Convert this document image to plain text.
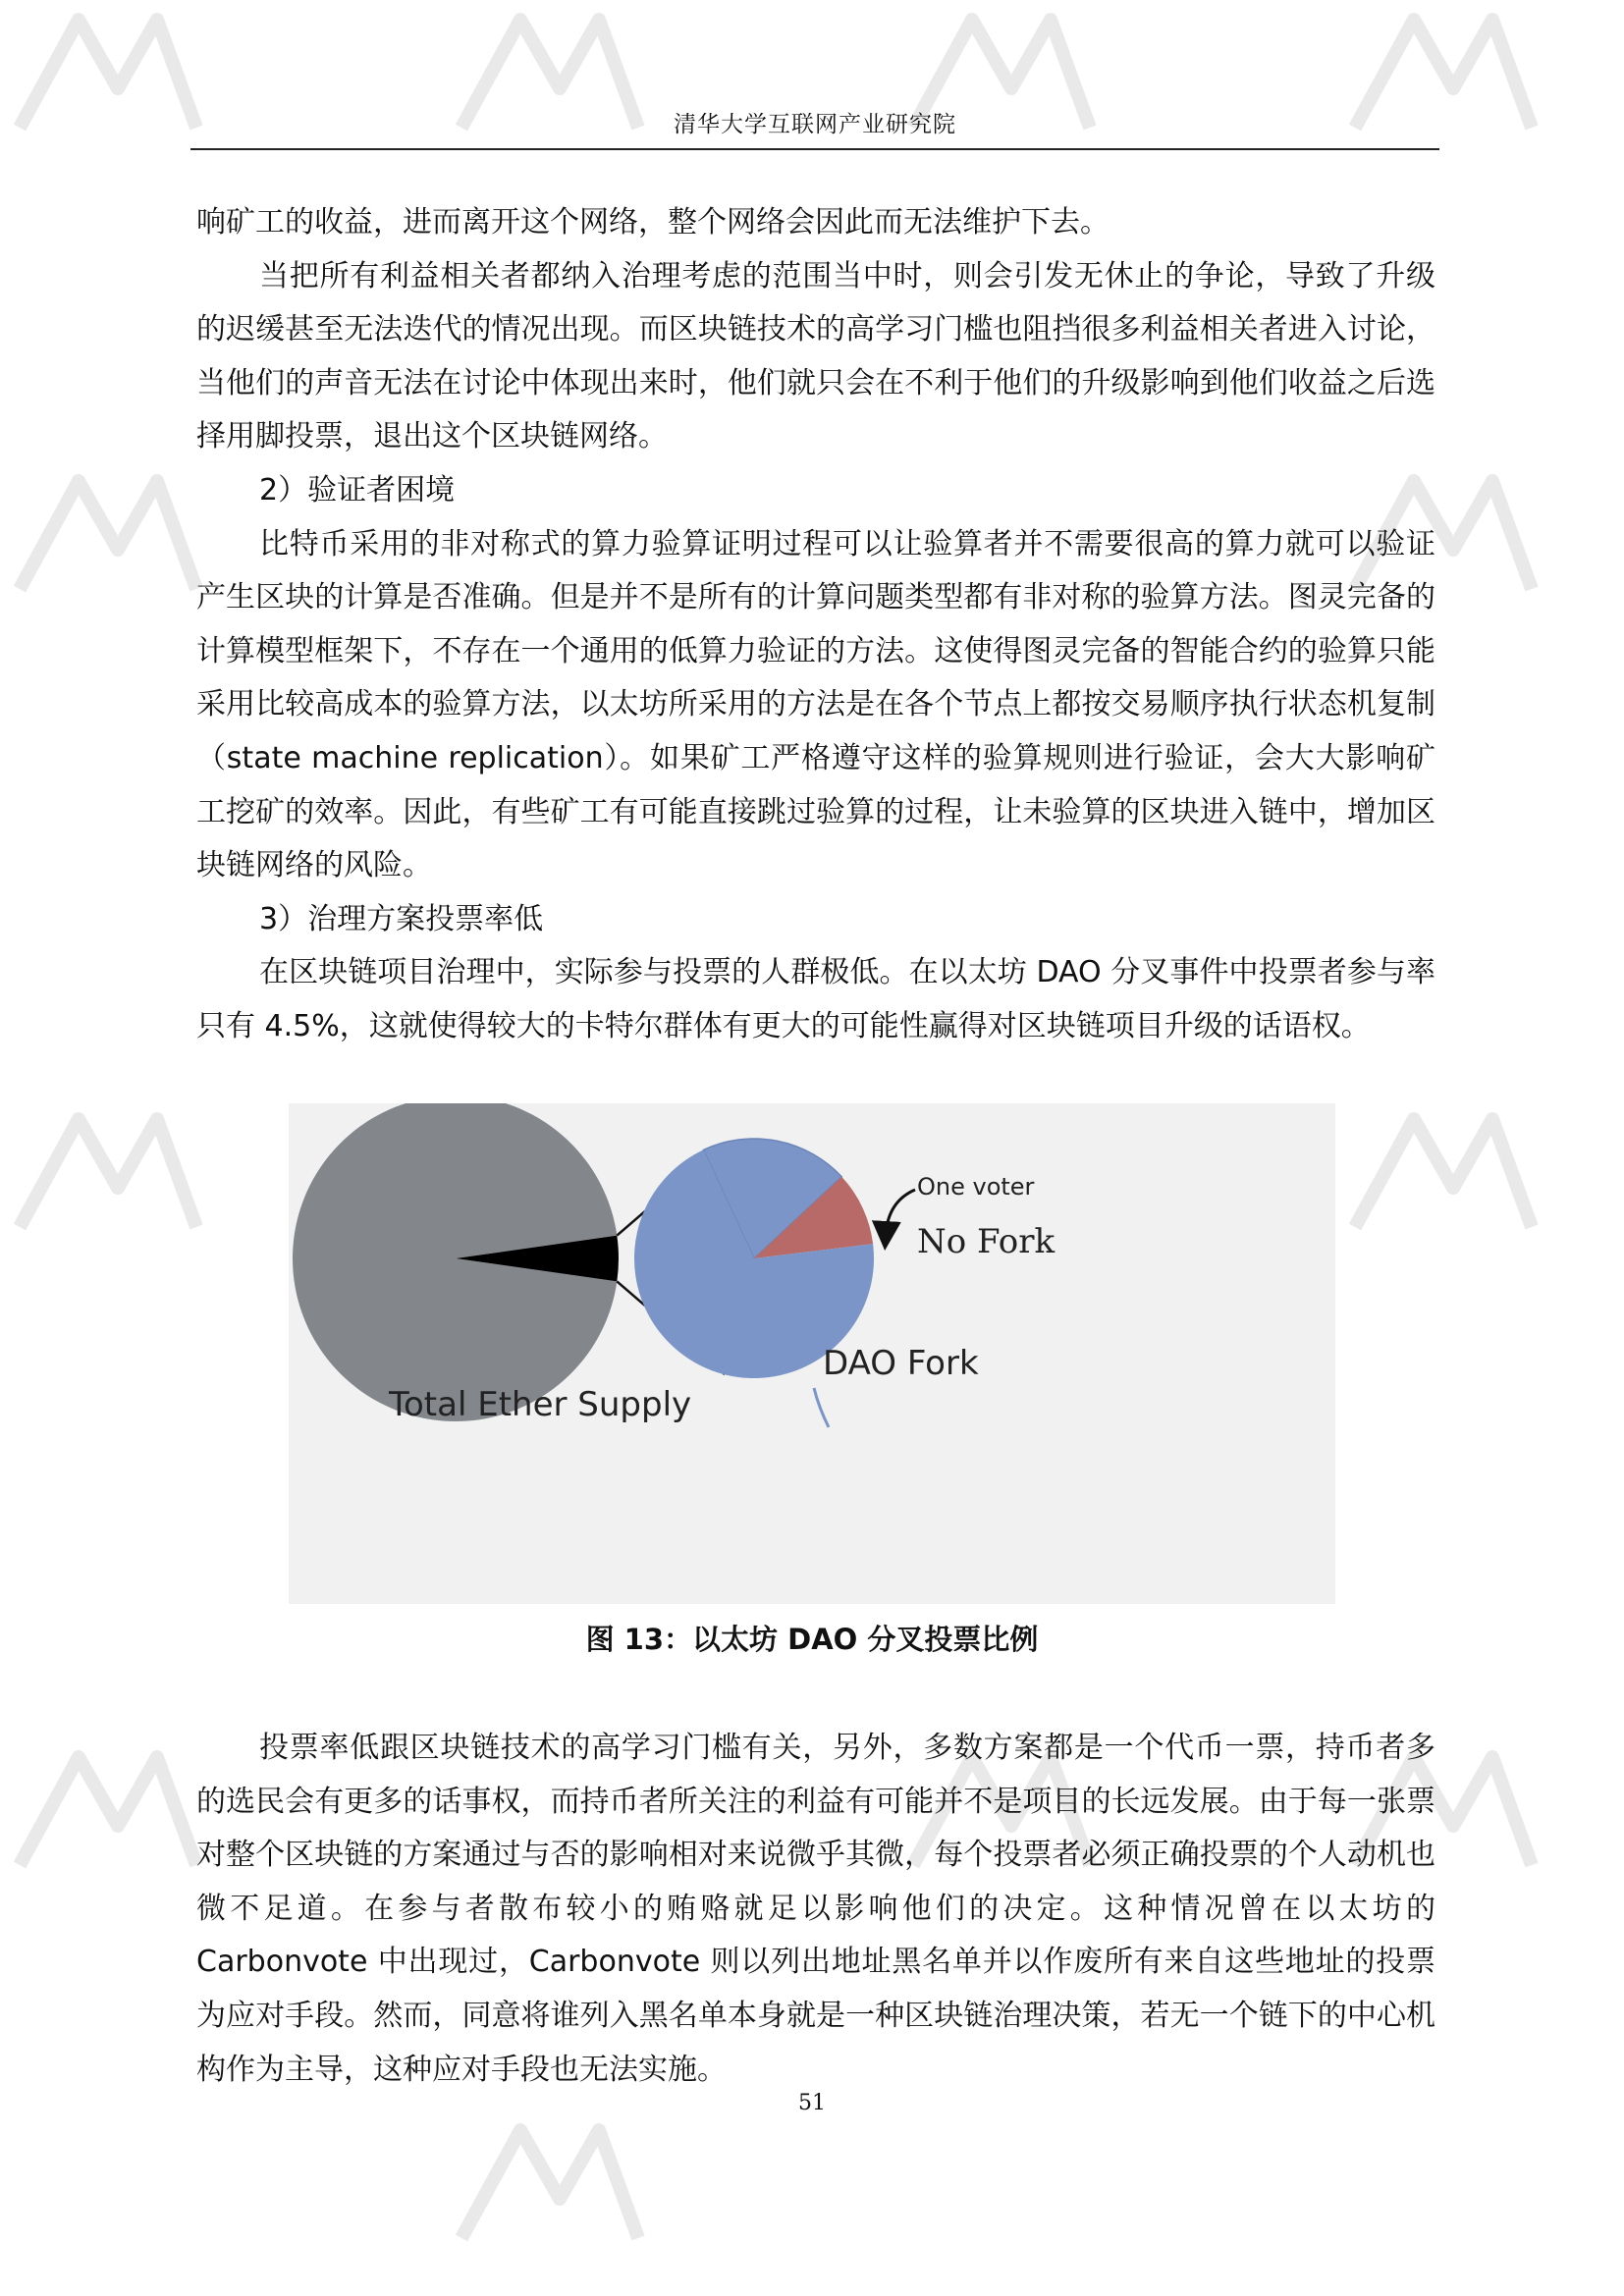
清华大学互联网产业研究院

响矿工的收益，进而离开这个网络，整个网络会因此而无法维护下去。

当把所有利益相关者都纳入治理考虑的范围当中时，则会引发无休止的争论，导致了升级的迟缓甚至无法迭代的情况出现。而区块链技术的高学习门槛也阻挡很多利益相关者进入讨论，当他们的声音无法在讨论中体现出来时，他们就只会在不利于他们的升级影响到他们收益之后选择用脚投票，退出这个区块链网络。

2）验证者困境

比特币采用的非对称式的算力验算证明过程可以让验算者并不需要很高的算力就可以验证产生区块的计算是否准确。但是并不是所有的计算问题类型都有非对称的验算方法。图灵完备的计算模型框架下，不存在一个通用的低算力验证的方法。这使得图灵完备的智能合约的验算只能采用比较高成本的验算方法，以太坊所采用的方法是在各个节点上都按交易顺序执行状态机复制（state machine replication）。如果矿工严格遵守这样的验算规则进行验证，会大大影响矿工挖矿的效率。因此，有些矿工有可能直接跳过验算的过程，让未验算的区块进入链中，增加区块链网络的风险。

3）治理方案投票率低

在区块链项目治理中，实际参与投票的人群极低。在以太坊 DAO 分叉事件中投票者参与率只有 4.5%，这就使得较大的卡特尔群体有更大的可能性赢得对区块链项目升级的话语权。

One voter
No Fork
DAO Fork
Total Ether Supply
图 13：以太坊 DAO 分叉投票比例

投票率低跟区块链技术的高学习门槛有关，另外，多数方案都是一个代币一票，持币者多的选民会有更多的话事权，而持币者所关注的利益有可能并不是项目的长远发展。由于每一张票对整个区块链的方案通过与否的影响相对来说微乎其微，每个投票者必须正确投票的个人动机也微不足道。在参与者散布较小的贿赂就足以影响他们的决定。这种情况曾在以太坊的 Carbonvote 中出现过，Carbonvote 则以列出地址黑名单并以作废所有来自这些地址的投票为应对手段。然而，同意将谁列入黑名单本身就是一种区块链治理决策，若无一个链下的中心机构作为主导，这种应对手段也无法实施。

51
